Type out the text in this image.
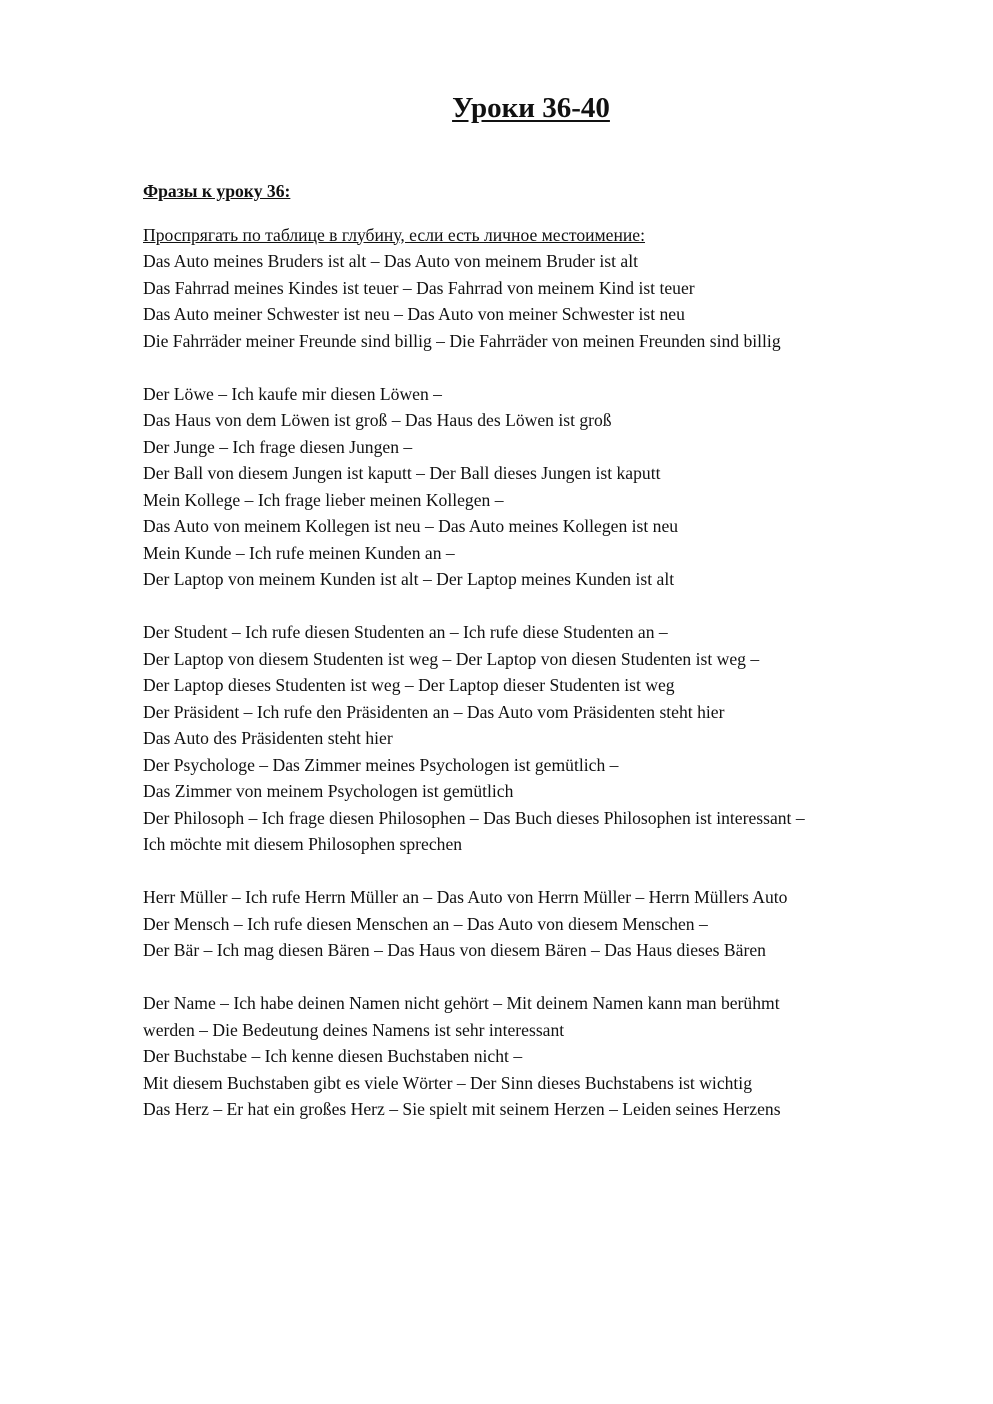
Уроки 36-40
Фразы к уроку 36:
Проспрягать по таблице в глубину, если есть личное местоимение:
Das Auto meines Bruders ist alt – Das Auto von meinem Bruder ist alt
Das Fahrrad meines Kindes ist teuer – Das Fahrrad von meinem Kind ist teuer
Das Auto meiner Schwester ist neu – Das Auto von meiner Schwester ist neu
Die Fahrräder meiner Freunde sind billig – Die Fahrräder von meinen Freunden sind billig
Der Löwe – Ich kaufe mir diesen Löwen –
Das Haus von dem Löwen ist groß – Das Haus des Löwen ist groß
Der Junge – Ich frage diesen Jungen –
Der Ball von diesem Jungen ist kaputt – Der Ball dieses Jungen ist kaputt
Mein Kollege – Ich frage lieber meinen Kollegen –
Das Auto von meinem Kollegen ist neu – Das Auto meines Kollegen ist neu
Mein Kunde – Ich rufe meinen Kunden an –
Der Laptop von meinem Kunden ist alt – Der Laptop meines Kunden ist alt
Der Student – Ich rufe diesen Studenten an – Ich rufe diese Studenten an –
Der Laptop von diesem Studenten ist weg – Der Laptop von diesen Studenten ist weg –
Der Laptop dieses Studenten ist weg – Der Laptop dieser Studenten ist weg
Der Präsident – Ich rufe den Präsidenten an – Das Auto vom Präsidenten steht hier
Das Auto des Präsidenten steht hier
Der Psychologe – Das Zimmer meines Psychologen ist gemütlich –
Das Zimmer von meinem Psychologen ist gemütlich
Der Philosoph – Ich frage diesen Philosophen – Das Buch dieses Philosophen ist interessant –
Ich möchte mit diesem Philosophen sprechen
Herr Müller – Ich rufe Herrn Müller an – Das Auto von Herrn Müller – Herrn Müllers Auto
Der Mensch – Ich rufe diesen Menschen an – Das Auto von diesem Menschen –
Der Bär – Ich mag diesen Bären – Das Haus von diesem Bären – Das Haus dieses Bären
Der Name – Ich habe deinen Namen nicht gehört – Mit deinem Namen kann man berühmt
werden – Die Bedeutung deines Namens ist sehr interessant
Der Buchstabe – Ich kenne diesen Buchstaben nicht –
Mit diesem Buchstaben gibt es viele Wörter – Der Sinn dieses Buchstabens ist wichtig
Das Herz – Er hat ein großes Herz – Sie spielt mit seinem Herzen – Leiden seines Herzens
